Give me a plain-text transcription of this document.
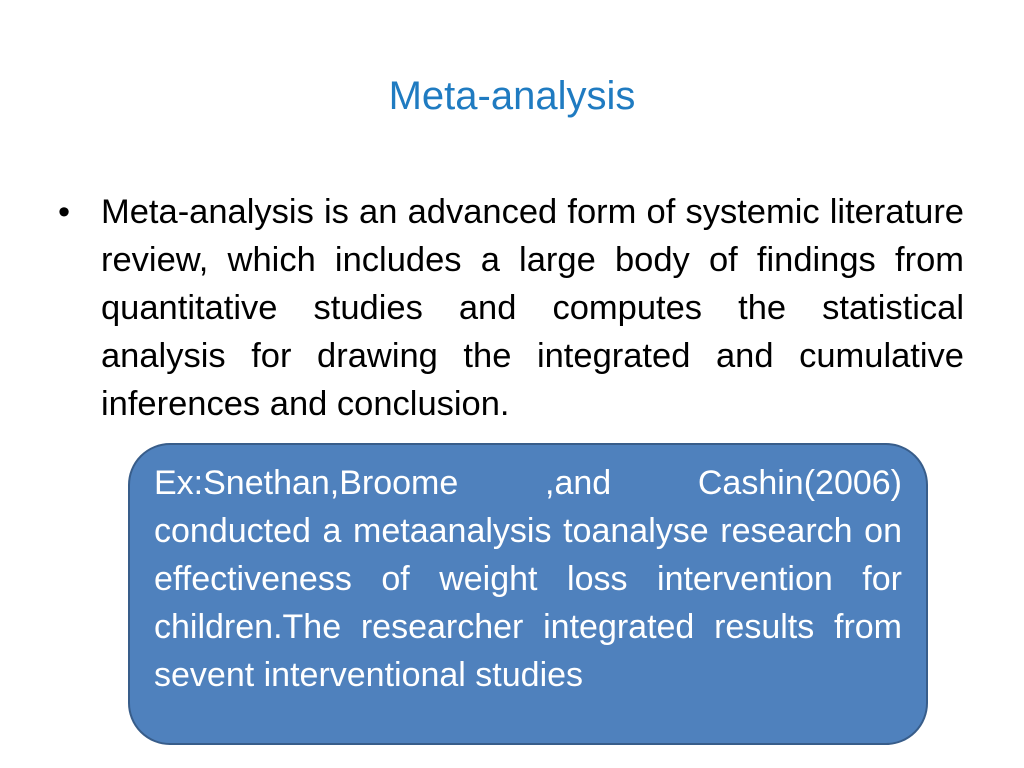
Meta-analysis
• Meta-analysis is an advanced form of systemic literature review, which includes a large body of findings from quantitative studies and computes the statistical analysis for drawing the integrated and cumulative inferences and conclusion.

Ex:Snethan,Broome ,and Cashin(2006) conducted a metaanalysis toanalyse research on effectiveness of weight loss intervention for children.The researcher integrated results from sevent interventional studies
